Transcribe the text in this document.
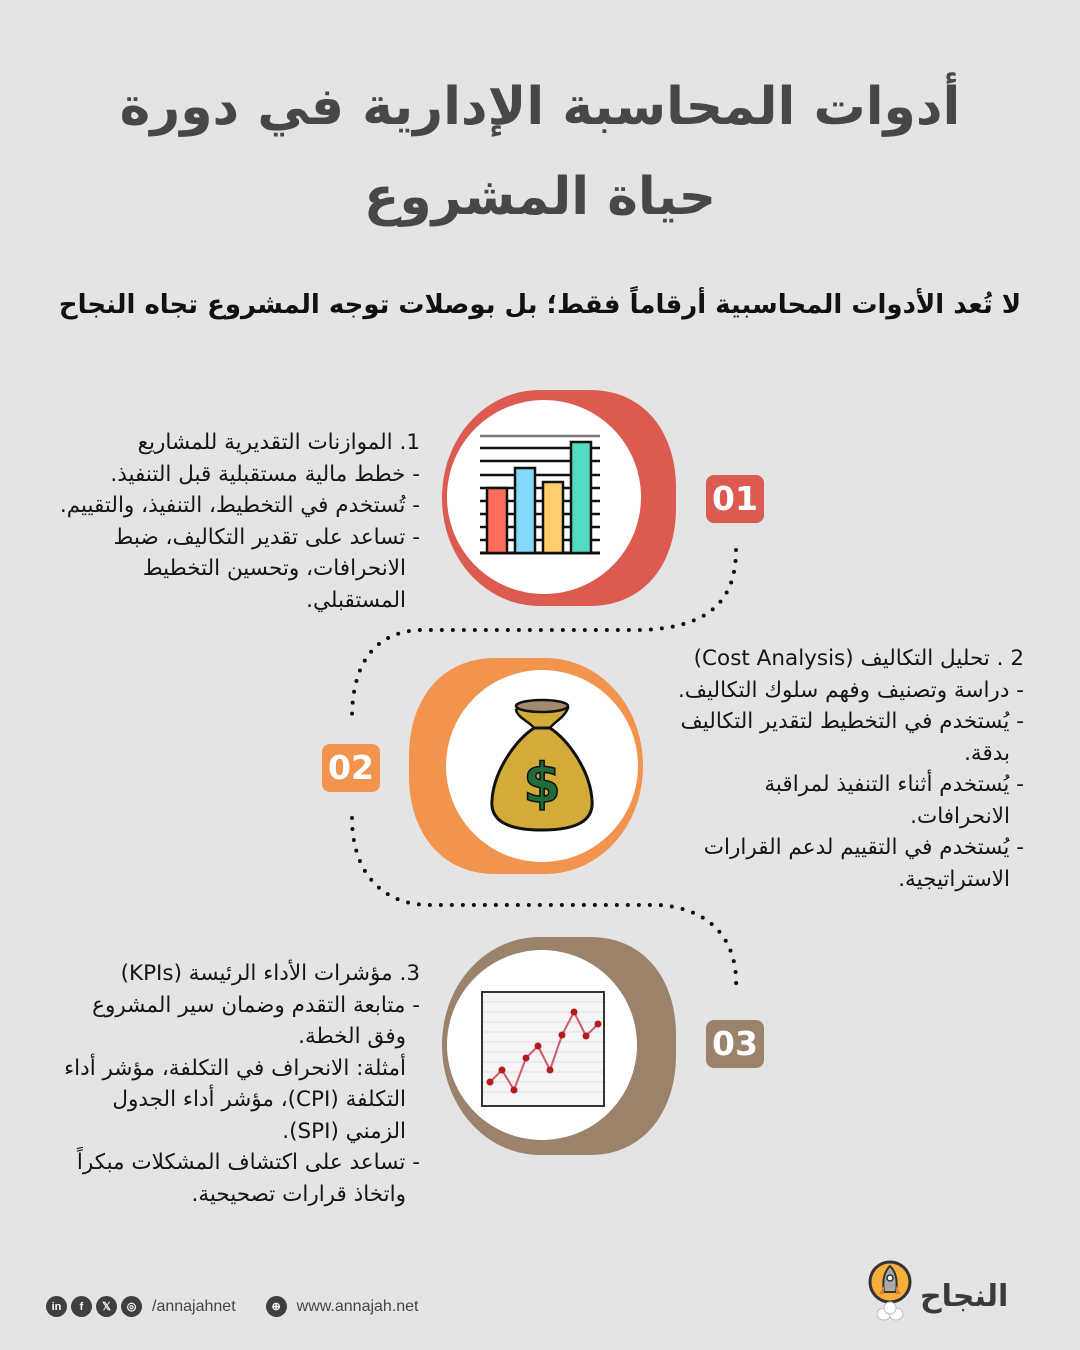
أدوات المحاسبة الإدارية في دورة
حياة المشروع
لا تُعد الأدوات المحاسبية أرقاماً فقط؛ بل بوصلات توجه المشروع تجاه النجاح
01
1. الموازنات التقديرية للمشاريع
- خطط مالية مستقبلية قبل التنفيذ.
- تُستخدم في التخطيط، التنفيذ، والتقييم.
- تساعد على تقدير التكاليف، ضبط
الانحرافات، وتحسين التخطيط
المستقبلي.
$
02
2 . تحليل التكاليف (Cost Analysis)
- دراسة وتصنيف وفهم سلوك التكاليف.
- يُستخدم في التخطيط لتقدير التكاليف
بدقة.
- يُستخدم أثناء التنفيذ لمراقبة
الانحرافات.
- يُستخدم في التقييم لدعم القرارات
الاستراتيجية.
03
3. مؤشرات الأداء الرئيسة (KPIs)
- متابعة التقدم وضمان سير المشروع
وفق الخطة.
أمثلة: الانحراف في التكلفة، مؤشر أداء
التكلفة (CPI)، مؤشر أداء الجدول
الزمني (SPI).
- تساعد على اكتشاف المشكلات مبكراً
واتخاذ قرارات تصحيحية.
in	f	𝕏	◎ /annajahnet	⊕ www.annajah.net	النجاح
